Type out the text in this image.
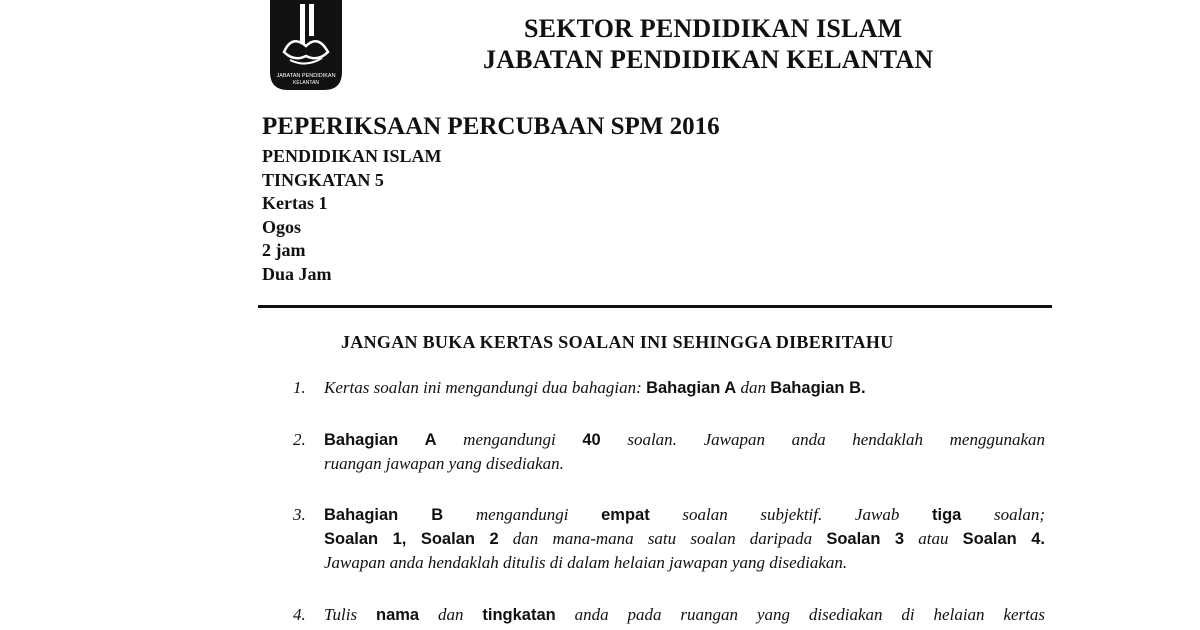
JABATAN PENDIDIKAN
KELANTAN
SEKTOR PENDIDIKAN ISLAM
JABATAN PENDIDIKAN KELANTAN
PEPERIKSAAN PERCUBAAN SPM 2016
PENDIDIKAN ISLAM
TINGKATAN 5
Kertas 1
Ogos
2 jam
Dua Jam
JANGAN BUKA KERTAS SOALAN INI SEHINGGA DIBERITAHU
1. Kertas soalan ini mengandungi dua bahagian: Bahagian A dan Bahagian B.
2. Bahagian A mengandungi 40 soalan. Jawapan anda hendaklah menggunakan
ruangan jawapan yang disediakan.
3. Bahagian B mengandungi empat soalan subjektif. Jawab tiga soalan;
Soalan 1, Soalan 2 dan mana-mana satu soalan daripada Soalan 3 atau Soalan 4.
Jawapan anda hendaklah ditulis di dalam helaian jawapan yang disediakan.
4. Tulis nama dan tingkatan anda pada ruangan yang disediakan di helaian kertas
